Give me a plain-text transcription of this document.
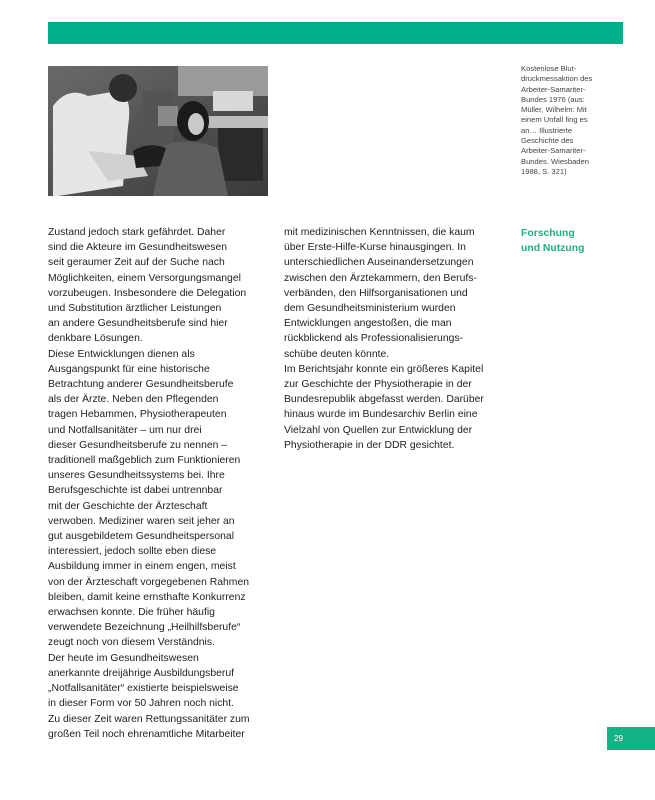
Kostenlose Blut-
druckmessaktion des
Arbeiter-Samariter-
Bundes 1976 (aus:
Müller, Wilhelm: Mit
einem Unfall fing es
an… Illustrierte
Geschichte des
Arbeiter-Samariter-
Bundes. Wiesbaden
1988, S. 321)
Zustand jedoch stark gefährdet. Daher
sind die Akteure im Gesundheitswesen
seit geraumer Zeit auf der Suche nach
Möglichkeiten, einem Versorgungsmangel
vorzubeugen. Insbesondere die Delegation
und Substitution ärztlicher Leistungen
an andere Gesundheitsberufe sind hier
denkbare Lösungen.
Diese Entwicklungen dienen als
Ausgangspunkt für eine historische
Betrachtung anderer Gesundheitsberufe
als der Ärzte. Neben den Pflegenden
tragen Hebammen, Physiotherapeuten
und Notfallsanitäter – um nur drei
dieser Gesundheitsberufe zu nennen –
traditionell maßgeblich zum Funktionieren
unseres Gesundheitssystems bei. Ihre
Berufsgeschichte ist dabei untrennbar
mit der Geschichte der Ärzteschaft
verwoben. Mediziner waren seit jeher an
gut ausgebildetem Gesundheitspersonal
interessiert, jedoch sollte eben diese
Ausbildung immer in einem engen, meist
von der Ärzteschaft vorgegebenen Rahmen
bleiben, damit keine ernsthafte Konkurrenz
erwachsen konnte. Die früher häufig
verwendete Bezeichnung „Heilhilfsberufe“
zeugt noch von diesem Verständnis.
Der heute im Gesundheitswesen
anerkannte dreijährige Ausbildungsberuf
„Notfallsanitäter“ existierte beispielsweise
in dieser Form vor 50 Jahren noch nicht.
Zu dieser Zeit waren Rettungssanitäter zum
großen Teil noch ehrenamtliche Mitarbeiter
mit medizinischen Kenntnissen, die kaum
über Erste-Hilfe-Kurse hinausgingen. In
unterschiedlichen Auseinandersetzungen
zwischen den Ärztekammern, den Berufs-
verbänden, den Hilfsorganisationen und
dem Gesundheitsministerium wurden
Entwicklungen angestoßen, die man
rückblickend als Professionalisierungs-
schübe deuten könnte.
Im Berichtsjahr konnte ein größeres Kapitel
zur Geschichte der Physiotherapie in der
Bundesrepublik abgefasst werden. Darüber
hinaus wurde im Bundesarchiv Berlin eine
Vielzahl von Quellen zur Entwicklung der
Physiotherapie in der DDR gesichtet.
Forschung
und Nutzung
29
